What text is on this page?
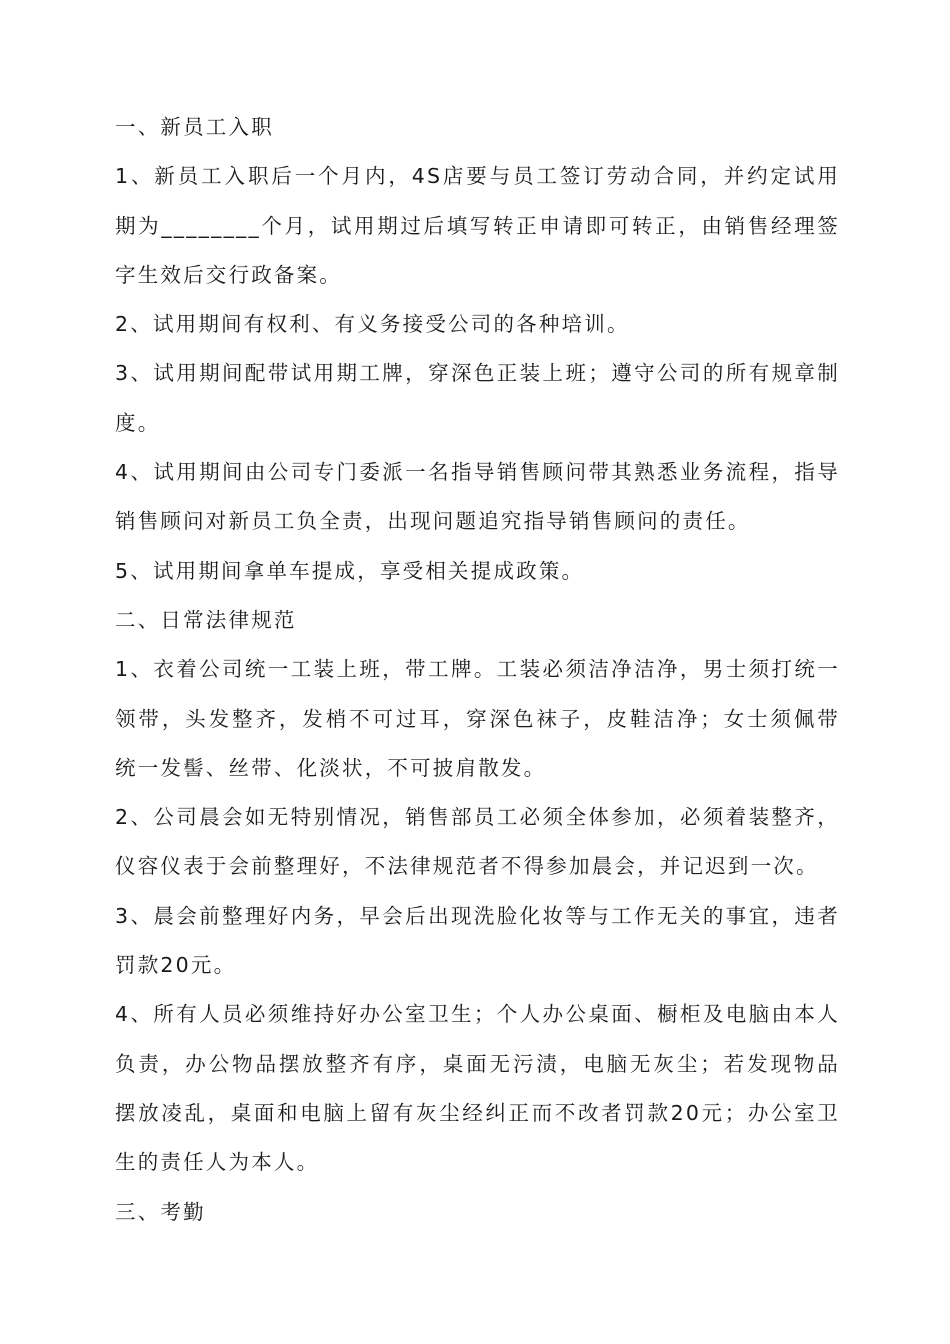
一、新员工入职

1、新员工入职后一个月内，4S店要与员工签订劳动合同，并约定试用期为________个月，试用期过后填写转正申请即可转正，由销售经理签字生效后交行政备案。

2、试用期间有权利、有义务接受公司的各种培训。

3、试用期间配带试用期工牌，穿深色正装上班；遵守公司的所有规章制度。

4、试用期间由公司专门委派一名指导销售顾问带其熟悉业务流程，指导销售顾问对新员工负全责，出现问题追究指导销售顾问的责任。

5、试用期间拿单车提成，享受相关提成政策。

二、日常法律规范

1、衣着公司统一工装上班，带工牌。工装必须洁净洁净，男士须打统一领带，头发整齐，发梢不可过耳，穿深色袜子，皮鞋洁净；女士须佩带统一发髻、丝带、化淡状，不可披肩散发。

2、公司晨会如无特别情况，销售部员工必须全体参加，必须着装整齐，仪容仪表于会前整理好，不法律规范者不得参加晨会，并记迟到一次。

3、晨会前整理好内务，早会后出现洗脸化妆等与工作无关的事宜，违者罚款20元。

4、所有人员必须维持好办公室卫生；个人办公桌面、橱柜及电脑由本人负责，办公物品摆放整齐有序，桌面无污渍，电脑无灰尘；若发现物品摆放凌乱，桌面和电脑上留有灰尘经纠正而不改者罚款20元；办公室卫生的责任人为本人。

三、考勤
